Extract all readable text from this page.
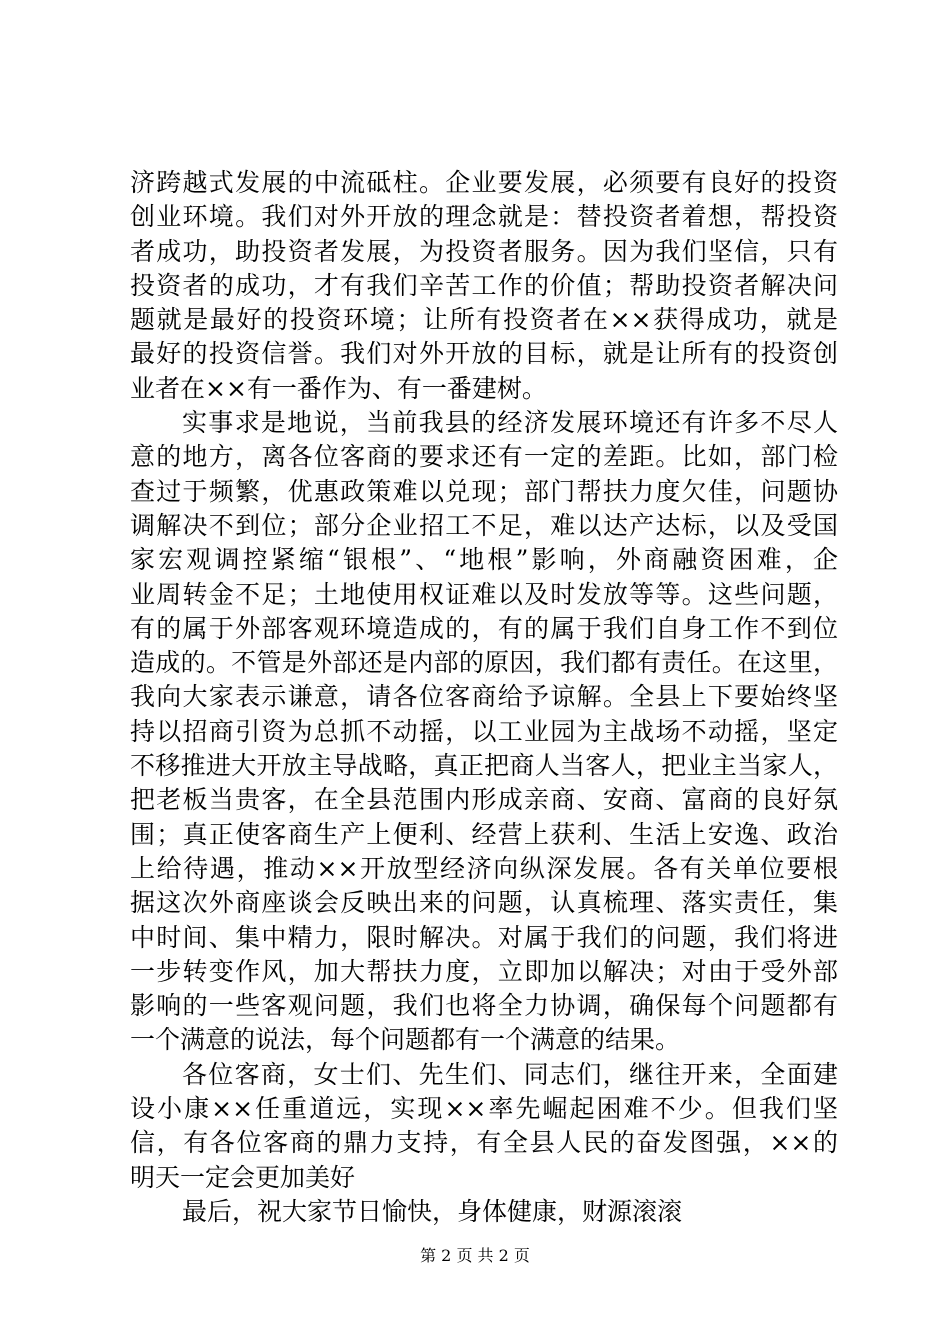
济跨越式发展的中流砥柱。企业要发展，必须要有良好的投资
创业环境。我们对外开放的理念就是：替投资者着想，帮投资
者成功，助投资者发展，为投资者服务。因为我们坚信，只有
投资者的成功，才有我们辛苦工作的价值；帮助投资者解决问
题就是最好的投资环境；让所有投资者在××获得成功，就是
最好的投资信誉。我们对外开放的目标，就是让所有的投资创
业者在××有一番作为、有一番建树。
实事求是地说，当前我县的经济发展环境还有许多不尽人
意的地方，离各位客商的要求还有一定的差距。比如，部门检
查过于频繁，优惠政策难以兑现；部门帮扶力度欠佳，问题协
调解决不到位；部分企业招工不足，难以达产达标，以及受国
家宏观调控紧缩“银根”、“地根”影响，外商融资困难，企
业周转金不足；土地使用权证难以及时发放等等。这些问题，
有的属于外部客观环境造成的，有的属于我们自身工作不到位
造成的。不管是外部还是内部的原因，我们都有责任。在这里，
我向大家表示谦意，请各位客商给予谅解。全县上下要始终坚
持以招商引资为总抓不动摇，以工业园为主战场不动摇，坚定
不移推进大开放主导战略，真正把商人当客人，把业主当家人，
把老板当贵客，在全县范围内形成亲商、安商、富商的良好氛
围；真正使客商生产上便利、经营上获利、生活上安逸、政治
上给待遇，推动××开放型经济向纵深发展。各有关单位要根
据这次外商座谈会反映出来的问题，认真梳理、落实责任，集
中时间、集中精力，限时解决。对属于我们的问题，我们将进
一步转变作风，加大帮扶力度，立即加以解决；对由于受外部
影响的一些客观问题，我们也将全力协调，确保每个问题都有
一个满意的说法，每个问题都有一个满意的结果。
各位客商，女士们、先生们、同志们，继往开来，全面建
设小康××任重道远，实现××率先崛起困难不少。但我们坚
信，有各位客商的鼎力支持，有全县人民的奋发图强，××的
明天一定会更加美好
最后，祝大家节日愉快，身体健康，财源滚滚
第 2 页 共 2 页
